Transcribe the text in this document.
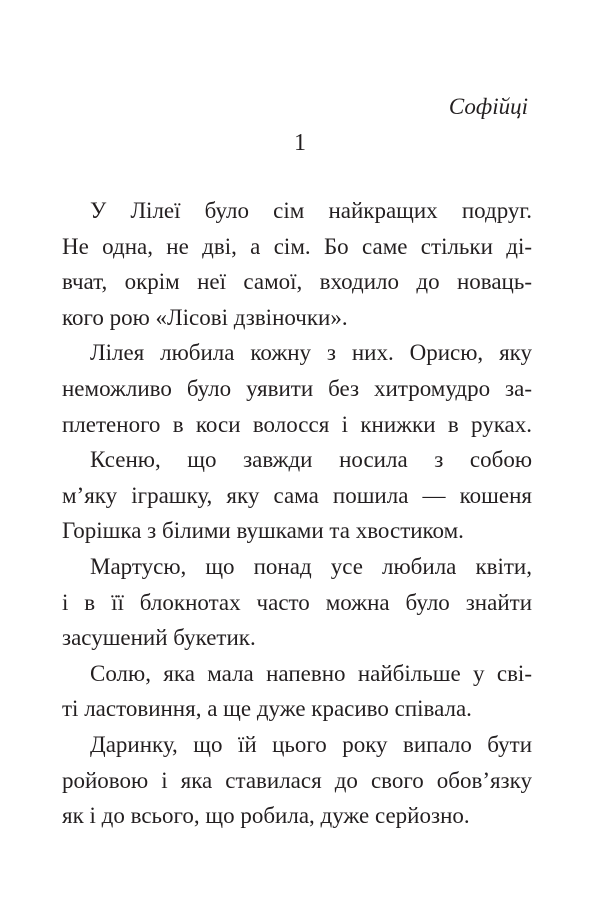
Софійці
1
У Лілеї було сім найкращих подруг.
Не одна, не дві, а сім. Бо саме стільки ді-
вчат, окрім неї самої, входило до новаць-
кого рою «Лісові дзвіночки».
Лілея любила кожну з них. Орисю, яку
неможливо було уявити без хитромудро за-
плетеного в коси волосся і книжки в руках.
Ксеню, що завжди носила з собою
м’яку іграшку, яку сама пошила — кошеня
Горішка з білими вушками та хвостиком.
Мартусю, що понад усе любила квіти,
і в її блокнотах часто можна було знайти
засушений букетик.
Солю, яка мала напевно найбільше у сві-
ті ластовиння, а ще дуже красиво співала.
Даринку, що їй цього року випало бути
ройовою і яка ставилася до свого обов’язку
як і до всього, що робила, дуже серйозно.
